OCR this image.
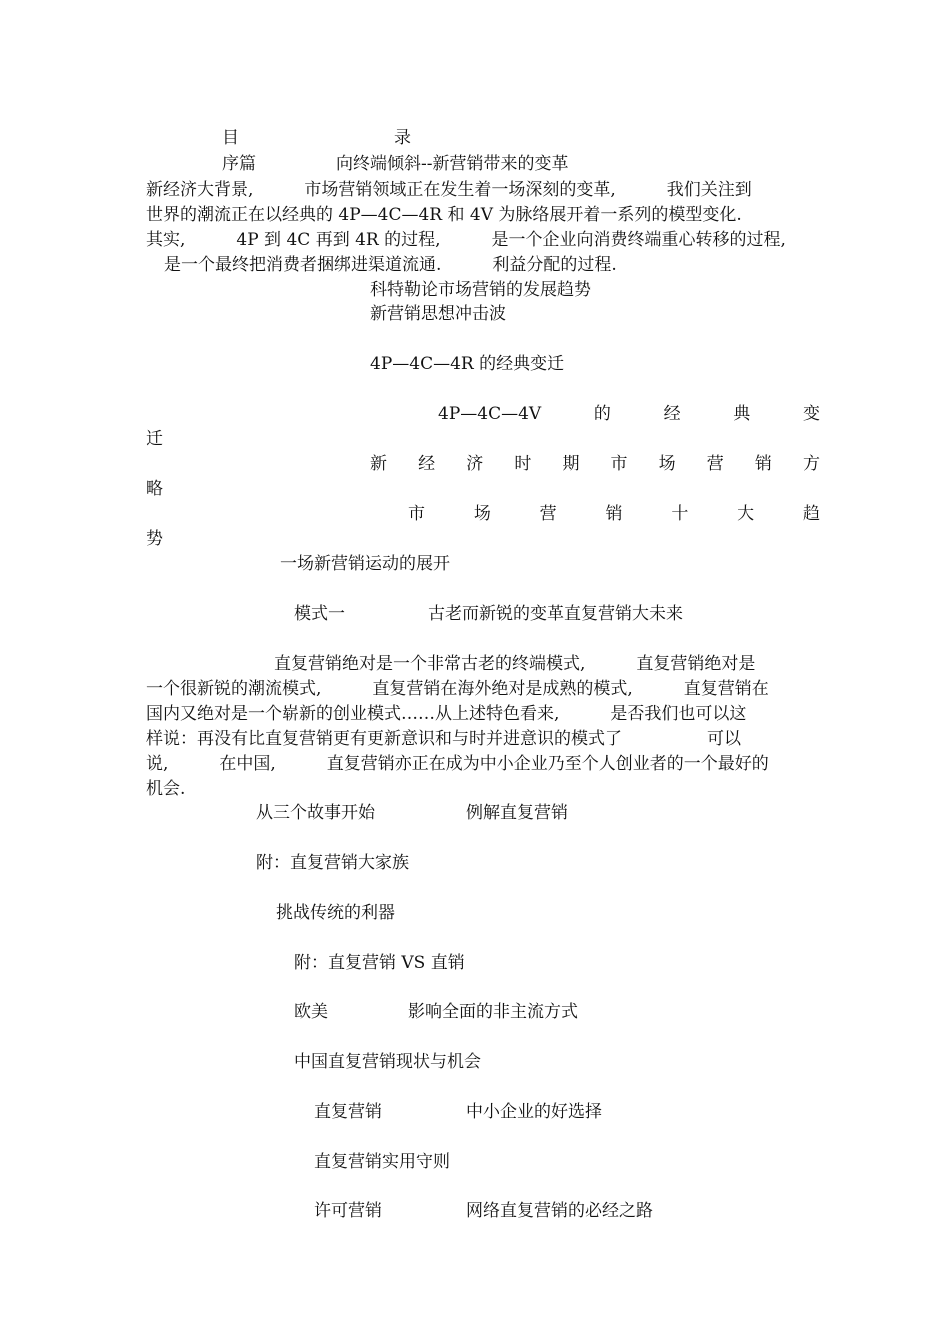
目	录
序篇	向终端倾斜--新营销带来的变革
新经济大背景,　　　市场营销领域正在发生着一场深刻的变革,　　　我们关注到
世界的潮流正在以经典的 4P—4C—4R 和 4V 为脉络展开着一系列的模型变化.
其实,　　　4P 到 4C 再到 4R 的过程,　　　是一个企业向消费终端重心转移的过程,
是一个最终把消费者捆绑进渠道流通.　　　利益分配的过程.
科特勒论市场营销的发展趋势
新营销思想冲击波
4P—4C—4R 的经典变迁
4P—4C—4V	的	经	典	变
迁
新 经 济 时 期 市 场 营 销 方
略
市	场	营	销	十	大	趋
势
一场新营销运动的展开
模式一	古老而新锐的变革直复营销大未来
直复营销绝对是一个非常古老的终端模式,　　　直复营销绝对是
一个很新锐的潮流模式,　　　直复营销在海外绝对是成熟的模式,　　　直复营销在
国内又绝对是一个崭新的创业模式……从上述特色看来,　　　是否我们也可以这
样说：再没有比直复营销更有更新意识和与时并进意识的模式了　　　　　可以
说,　　　在中国,　　　直复营销亦正在成为中小企业乃至个人创业者的一个最好的
机会.
从三个故事开始	例解直复营销
附：直复营销大家族
挑战传统的利器
附：直复营销 VS 直销
欧美	影响全面的非主流方式
中国直复营销现状与机会
直复营销	中小企业的好选择
直复营销实用守则
许可营销	网络直复营销的必经之路
